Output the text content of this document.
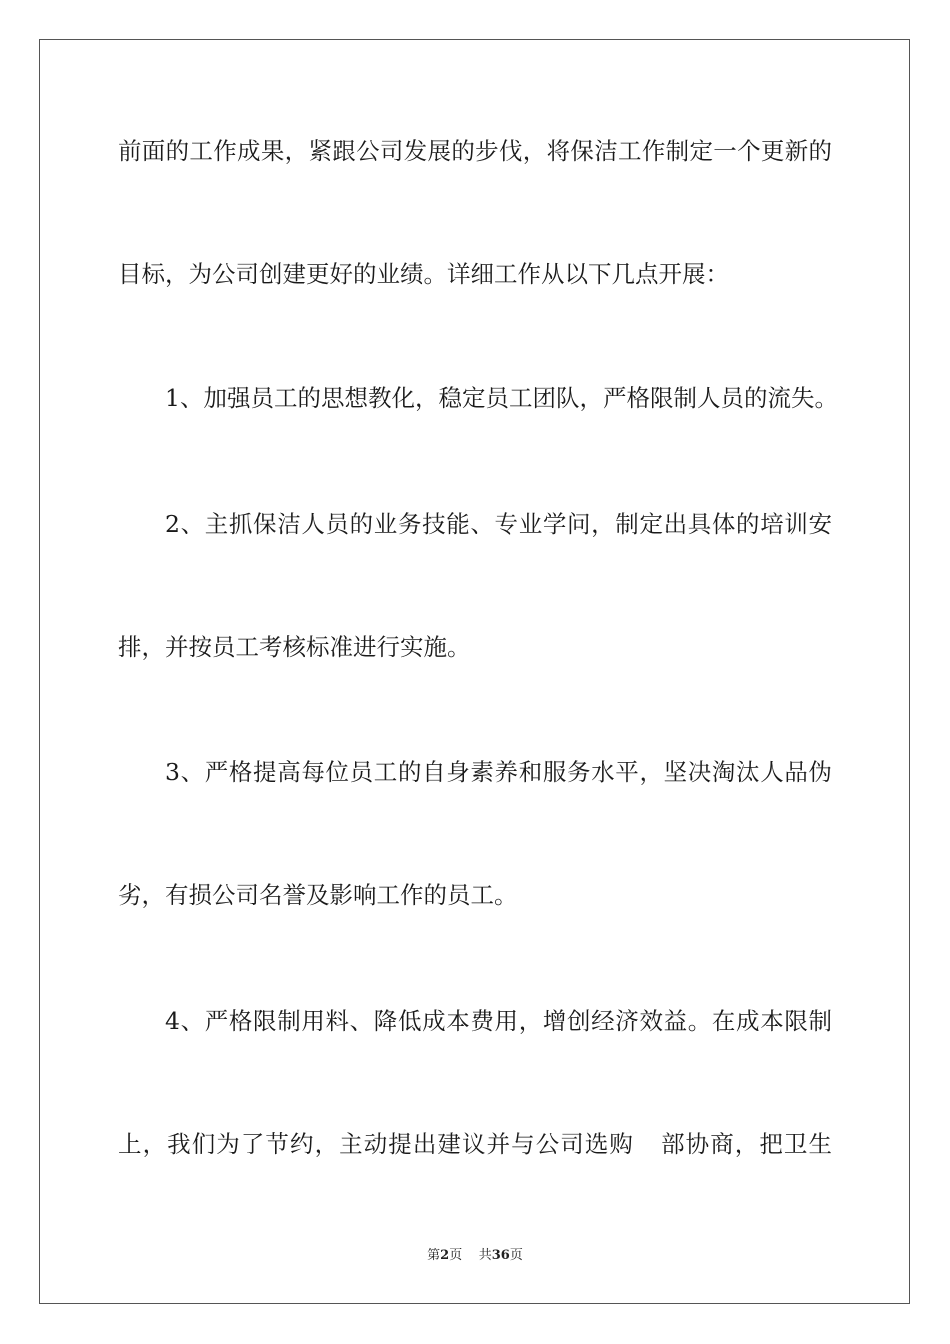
前面的工作成果，紧跟公司发展的步伐，将保洁工作制定一个更新的
目标，为公司创建更好的业绩。详细工作从以下几点开展：
1、加强员工的思想教化，稳定员工团队，严格限制人员的流失。
2、主抓保洁人员的业务技能、专业学问，制定出具体的培训安
排，并按员工考核标准进行实施。
3、严格提高每位员工的自身素养和服务水平，坚决淘汰人品伪
劣，有损公司名誉及影响工作的员工。
4、严格限制用料、降低成本费用，增创经济效益。在成本限制
上，我们为了节约，主动提出建议并与公司选购 部协商，把卫生
第2页 共36页
